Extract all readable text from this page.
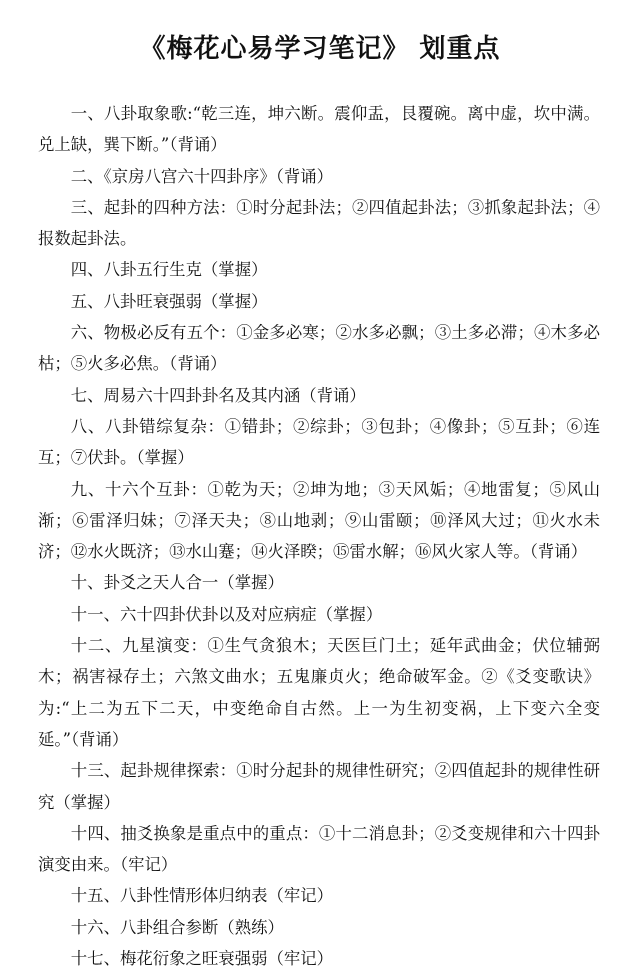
《梅花心易学习笔记》 划重点

一、八卦取象歌:“乾三连，坤六断。震仰盂，艮覆碗。离中虚，坎中满。兑上缺，巽下断。”（背诵）

二、《京房八宫六十四卦序》（背诵）

三、起卦的四种方法：①时分起卦法；②四值起卦法；③抓象起卦法；④报数起卦法。

四、八卦五行生克（掌握）

五、八卦旺衰强弱（掌握）

六、物极必反有五个：①金多必寒；②水多必飘；③土多必滞；④木多必枯；⑤火多必焦。（背诵）

七、周易六十四卦卦名及其内涵（背诵）

八、八卦错综复杂：①错卦；②综卦；③包卦；④像卦；⑤互卦；⑥连互；⑦伏卦。（掌握）

九、十六个互卦：①乾为天；②坤为地；③天风姤；④地雷复；⑤风山渐；⑥雷泽归妹；⑦泽天夬；⑧山地剥；⑨山雷颐；⑩泽风大过；⑪火水未济；⑫水火既济；⑬水山蹇；⑭火泽睽；⑮雷水解；⑯风火家人等。（背诵）

十、卦爻之天人合一（掌握）

十一、六十四卦伏卦以及对应病症（掌握）

十二、九星演变：①生气贪狼木；天医巨门土；延年武曲金；伏位辅弼木；祸害禄存土；六煞文曲水；五鬼廉贞火；绝命破军金。②《爻变歌诀》为:“上二为五下二天，中变绝命自古然。上一为生初变祸，上下变六全变延。”（背诵）

十三、起卦规律探索：①时分起卦的规律性研究；②四值起卦的规律性研究（掌握）

十四、抽爻换象是重点中的重点：①十二消息卦；②爻变规律和六十四卦演变由来。（牢记）

十五、八卦性情形体归纳表（牢记）

十六、八卦组合参断（熟练）

十七、梅花衍象之旺衰强弱（牢记）
